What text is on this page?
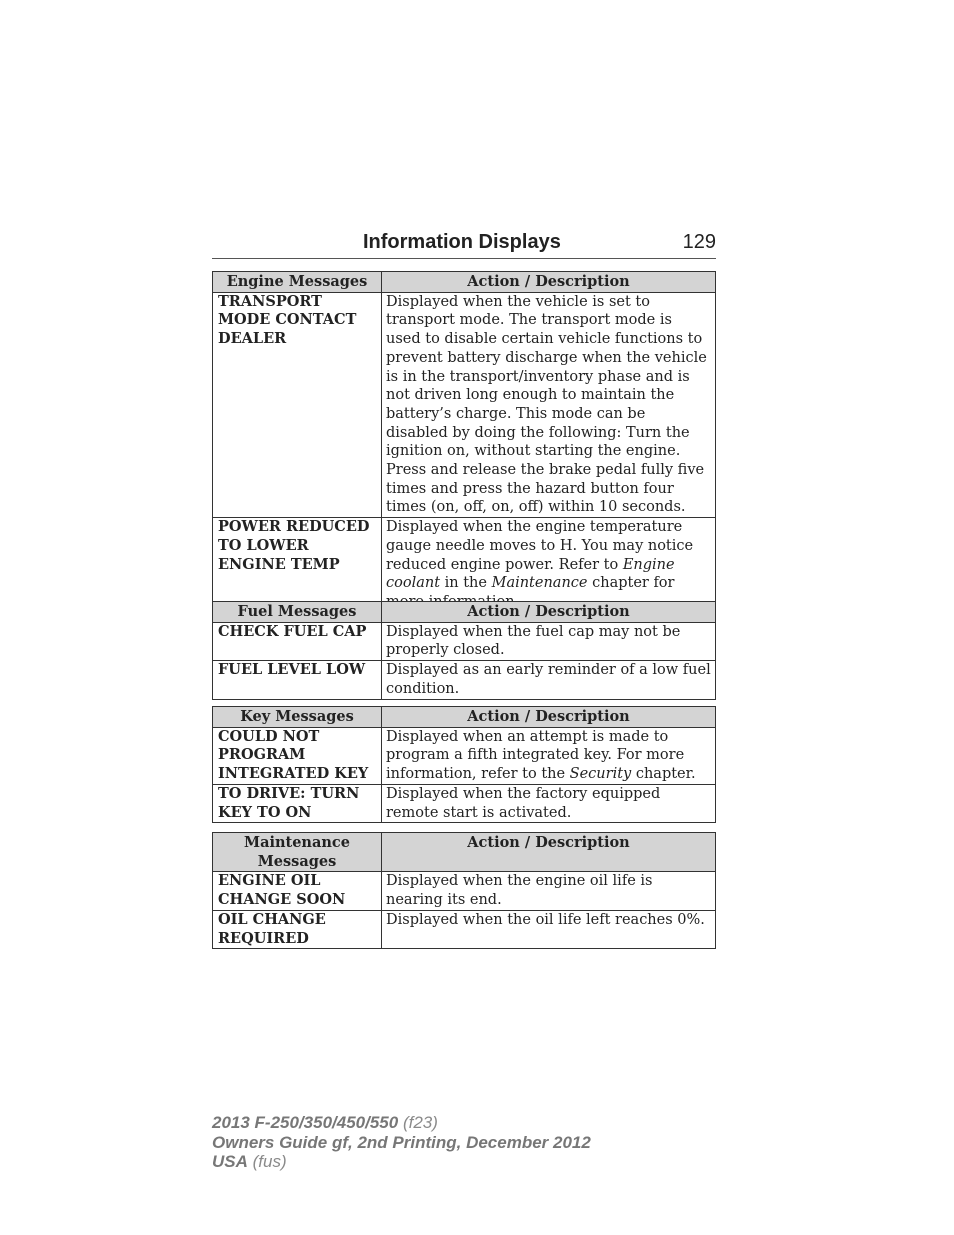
Information Displays	129
Engine Messages	Action / Description
TRANSPORT MODE CONTACT DEALER	Displayed when the vehicle is set to transport mode. The transport mode is used to disable certain vehicle functions to prevent battery discharge when the vehicle is in the transport/inventory phase and is not driven long enough to maintain the battery’s charge. This mode can be disabled by doing the following: Turn the ignition on, without starting the engine. Press and release the brake pedal fully five times and press the hazard button four times (on, off, on, off) within 10 seconds.
POWER REDUCED TO LOWER ENGINE TEMP	Displayed when the engine temperature gauge needle moves to H. You may notice reduced engine power. Refer to Engine coolant in the Maintenance chapter for
Fuel Messages	Action / Description
CHECK FUEL CAP	Displayed when the fuel cap may not be properly closed.
FUEL LEVEL LOW	Displayed as an early reminder of a low fuel condition.
Key Messages	Action / Description
COULD NOT PROGRAM INTEGRATED KEY	Displayed when an attempt is made to program a fifth integrated key. For more information, refer to the Security chapter.
TO DRIVE: TURN KEY TO ON	Displayed when the factory equipped remote start is activated.
Maintenance Messages	Action / Description
ENGINE OIL CHANGE SOON	Displayed when the engine oil life is nearing its end.
OIL CHANGE REQUIRED	Displayed when the oil life left reaches 0%.
2013 F-250/350/450/550 (f23)
Owners Guide gf, 2nd Printing, December 2012
USA (fus)
